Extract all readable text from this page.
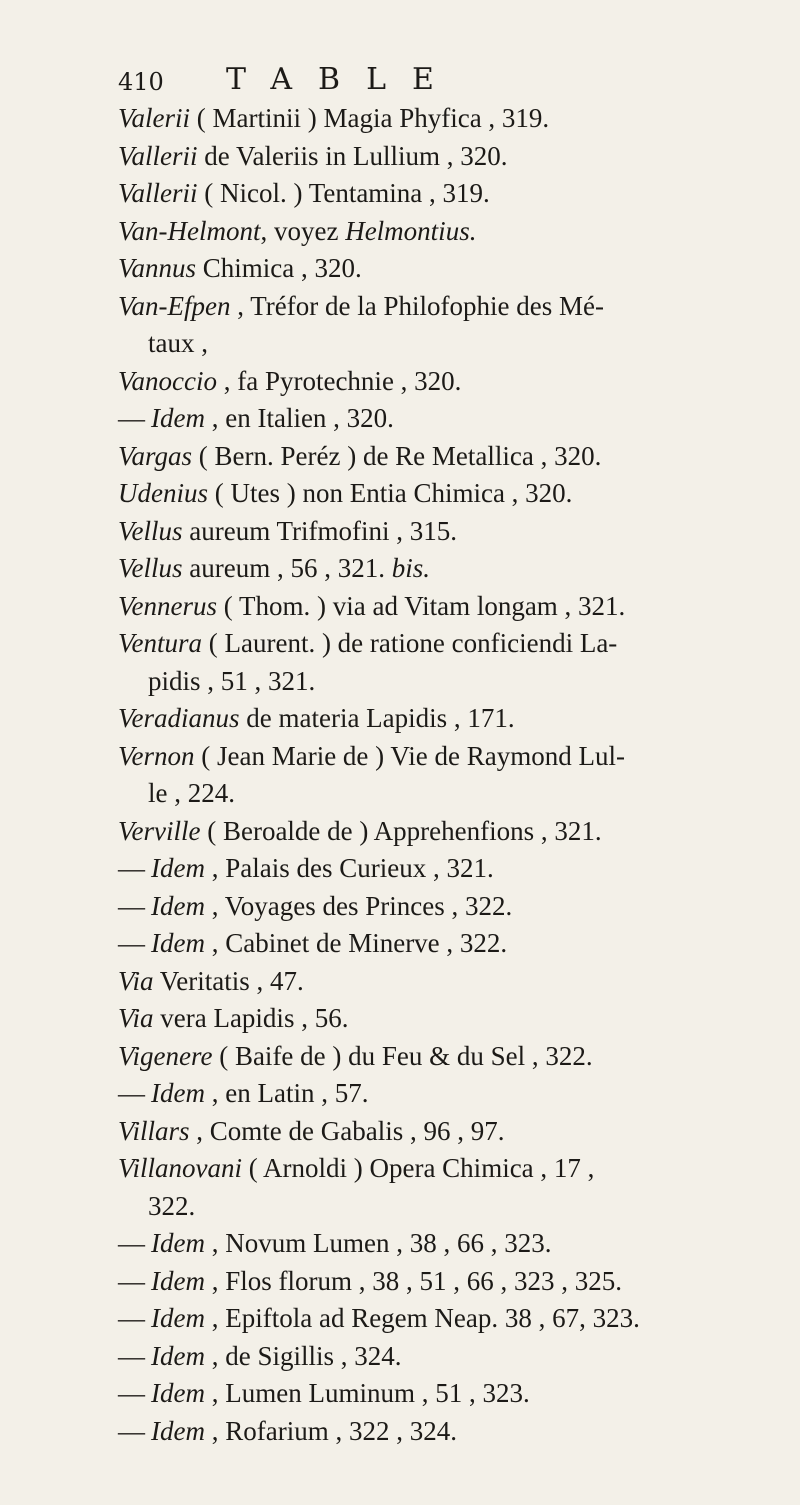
410 TABLE
Valerii ( Martinii ) Magia Phyfica , 319.
Vallerii de Valeriis in Lullium , 320.
Vallerii ( Nicol. ) Tentamina , 319.
Van-Helmont, voyez Helmontius.
Vannus Chimica , 320.
Van-Efpen , Tréfor de la Philofophie des Mé-
taux ,
Vanoccio , fa Pyrotechnie , 320.
— Idem , en Italien , 320.
Vargas ( Bern. Peréz ) de Re Metallica , 320.
Udenius ( Utes ) non Entia Chimica , 320.
Vellus aureum Trifmofini , 315.
Vellus aureum , 56 , 321. bis.
Vennerus ( Thom. ) via ad Vitam longam , 321.
Ventura ( Laurent. ) de ratione conficiendi La-
pidis , 51 , 321.
Veradianus de materia Lapidis , 171.
Vernon ( Jean Marie de ) Vie de Raymond Lul-
le , 224.
Verville ( Beroalde de ) Apprehenfions , 321.
— Idem , Palais des Curieux , 321.
— Idem , Voyages des Princes , 322.
— Idem , Cabinet de Minerve , 322.
Via Veritatis , 47.
Via vera Lapidis , 56.
Vigenere ( Baife de ) du Feu & du Sel , 322.
— Idem , en Latin , 57.
Villars , Comte de Gabalis , 96 , 97.
Villanovani ( Arnoldi ) Opera Chimica , 17 ,
322.
— Idem , Novum Lumen , 38 , 66 , 323.
— Idem , Flos florum , 38 , 51 , 66 , 323 , 325.
— Idem , Epiftola ad Regem Neap. 38 , 67, 323.
— Idem , de Sigillis , 324.
— Idem , Lumen Luminum , 51 , 323.
— Idem , Rofarium , 322 , 324.
